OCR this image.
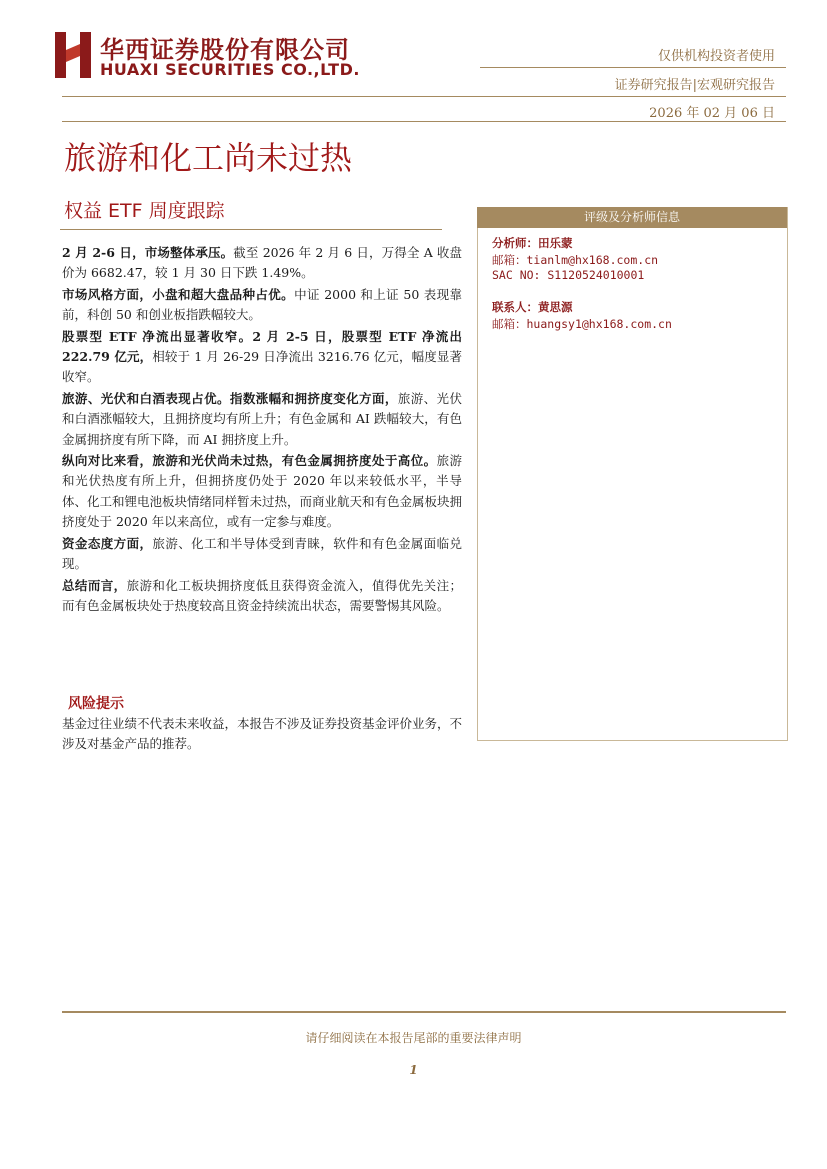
华西证券股份有限公司
HUAXI SECURITIES CO.,LTD.
仅供机构投资者使用
证券研究报告|宏观研究报告
2026 年 02 月 06 日
旅游和化工尚未过热
权益 ETF 周度跟踪

2 月 2-6 日，市场整体承压。截至 2026 年 2 月 6 日，万得全 A 收盘价为 6682.47，较 1 月 30 日下跌 1.49%。

市场风格方面，小盘和超大盘品种占优。中证 2000 和上证 50 表现靠前，科创 50 和创业板指跌幅较大。

股票型 ETF 净流出显著收窄。2 月 2-5 日，股票型 ETF 净流出 222.79 亿元，相较于 1 月 26-29 日净流出 3216.76 亿元，幅度显著收窄。

旅游、光伏和白酒表现占优。指数涨幅和拥挤度变化方面，旅游、光伏和白酒涨幅较大，且拥挤度均有所上升；有色金属和 AI 跌幅较大，有色金属拥挤度有所下降，而 AI 拥挤度上升。

纵向对比来看，旅游和光伏尚未过热，有色金属拥挤度处于高位。旅游和光伏热度有所上升，但拥挤度仍处于 2020 年以来较低水平，半导体、化工和锂电池板块情绪同样暂未过热，而商业航天和有色金属板块拥挤度处于 2020 年以来高位，或有一定参与难度。

资金态度方面，旅游、化工和半导体受到青睐，软件和有色金属面临兑现。

总结而言，旅游和化工板块拥挤度低且获得资金流入，值得优先关注；而有色金属板块处于热度较高且资金持续流出状态，需要警惕其风险。

风险提示
基金过往业绩不代表未来收益，本报告不涉及证券投资基金评价业务，不涉及对基金产品的推荐。
评级及分析师信息
分析师：田乐蒙
邮箱：tianlm@hx168.com.cn
SAC NO: S1120524010001
联系人：黄思源
邮箱：huangsy1@hx168.com.cn
请仔细阅读在本报告尾部的重要法律声明
1
